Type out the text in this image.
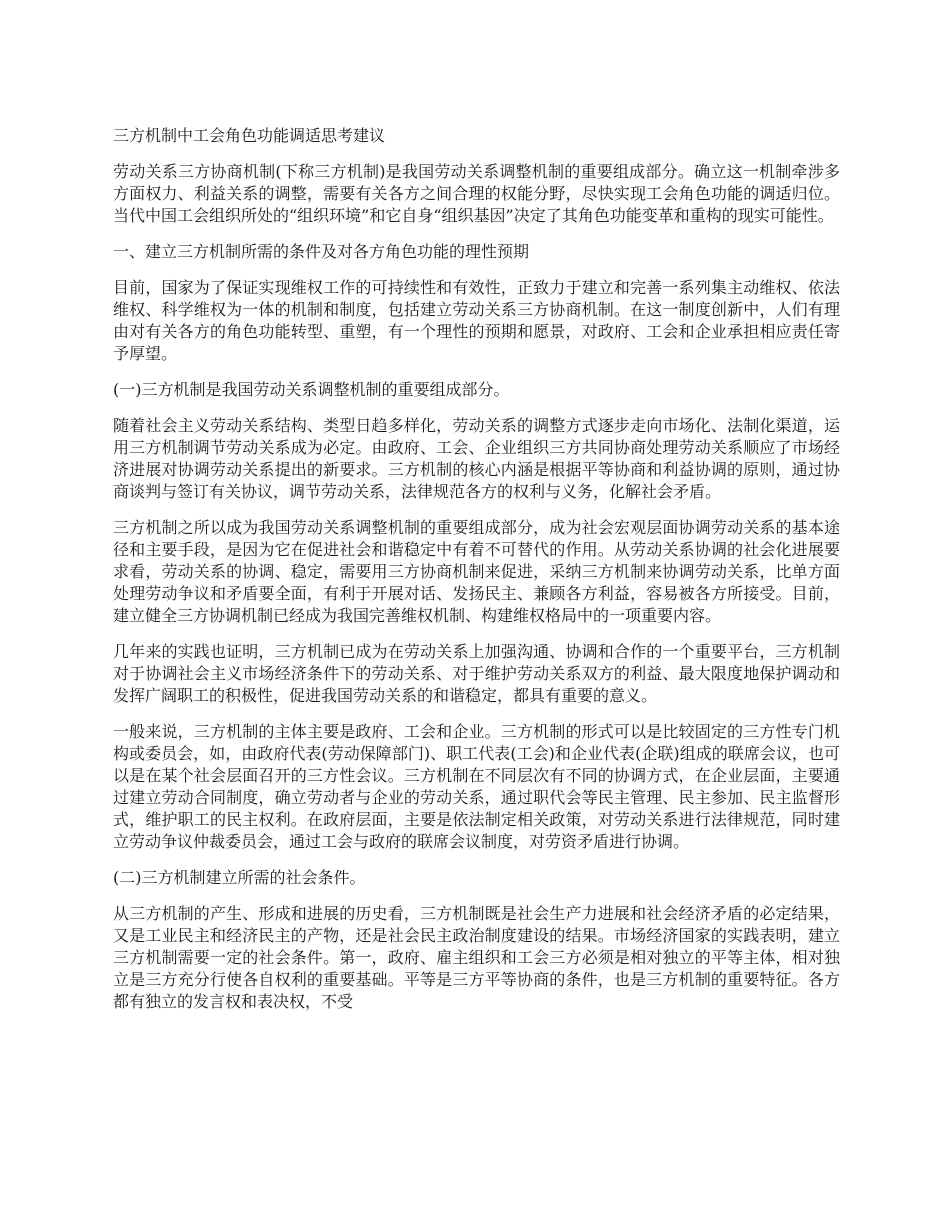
三方机制中工会角色功能调适思考建议

劳动关系三方协商机制(下称三方机制)是我国劳动关系调整机制的重要组成部分。确立这一机制牵涉多方面权力、利益关系的调整，需要有关各方之间合理的权能分野，尽快实现工会角色功能的调适归位。当代中国工会组织所处的“组织环境”和它自身“组织基因”决定了其角色功能变革和重构的现实可能性。

一、建立三方机制所需的条件及对各方角色功能的理性预期

目前，国家为了保证实现维权工作的可持续性和有效性，正致力于建立和完善一系列集主动维权、依法维权、科学维权为一体的机制和制度，包括建立劳动关系三方协商机制。在这一制度创新中，人们有理由对有关各方的角色功能转型、重塑，有一个理性的预期和愿景，对政府、工会和企业承担相应责任寄予厚望。

(一)三方机制是我国劳动关系调整机制的重要组成部分。

随着社会主义劳动关系结构、类型日趋多样化，劳动关系的调整方式逐步走向市场化、法制化渠道，运用三方机制调节劳动关系成为必定。由政府、工会、企业组织三方共同协商处理劳动关系顺应了市场经济进展对协调劳动关系提出的新要求。三方机制的核心内涵是根据平等协商和利益协调的原则，通过协商谈判与签订有关协议，调节劳动关系，法律规范各方的权利与义务，化解社会矛盾。

三方机制之所以成为我国劳动关系调整机制的重要组成部分，成为社会宏观层面协调劳动关系的基本途径和主要手段，是因为它在促进社会和谐稳定中有着不可替代的作用。从劳动关系协调的社会化进展要求看，劳动关系的协调、稳定，需要用三方协商机制来促进，采纳三方机制来协调劳动关系，比单方面处理劳动争议和矛盾要全面，有利于开展对话、发扬民主、兼顾各方利益，容易被各方所接受。目前，建立健全三方协调机制已经成为我国完善维权机制、构建维权格局中的一项重要内容。

几年来的实践也证明，三方机制已成为在劳动关系上加强沟通、协调和合作的一个重要平台，三方机制对于协调社会主义市场经济条件下的劳动关系、对于维护劳动关系双方的利益、最大限度地保护调动和发挥广阔职工的积极性，促进我国劳动关系的和谐稳定，都具有重要的意义。

一般来说，三方机制的主体主要是政府、工会和企业。三方机制的形式可以是比较固定的三方性专门机构或委员会，如，由政府代表(劳动保障部门)、职工代表(工会)和企业代表(企联)组成的联席会议，也可以是在某个社会层面召开的三方性会议。三方机制在不同层次有不同的协调方式，在企业层面，主要通过建立劳动合同制度，确立劳动者与企业的劳动关系，通过职代会等民主管理、民主参加、民主监督形式，维护职工的民主权利。在政府层面，主要是依法制定相关政策，对劳动关系进行法律规范，同时建立劳动争议仲裁委员会，通过工会与政府的联席会议制度，对劳资矛盾进行协调。

(二)三方机制建立所需的社会条件。

从三方机制的产生、形成和进展的历史看，三方机制既是社会生产力进展和社会经济矛盾的必定结果，又是工业民主和经济民主的产物，还是社会民主政治制度建设的结果。市场经济国家的实践表明，建立三方机制需要一定的社会条件。第一，政府、雇主组织和工会三方必须是相对独立的平等主体，相对独立是三方充分行使各自权利的重要基础。平等是三方平等协商的条件，也是三方机制的重要特征。各方都有独立的发言权和表决权，不受
